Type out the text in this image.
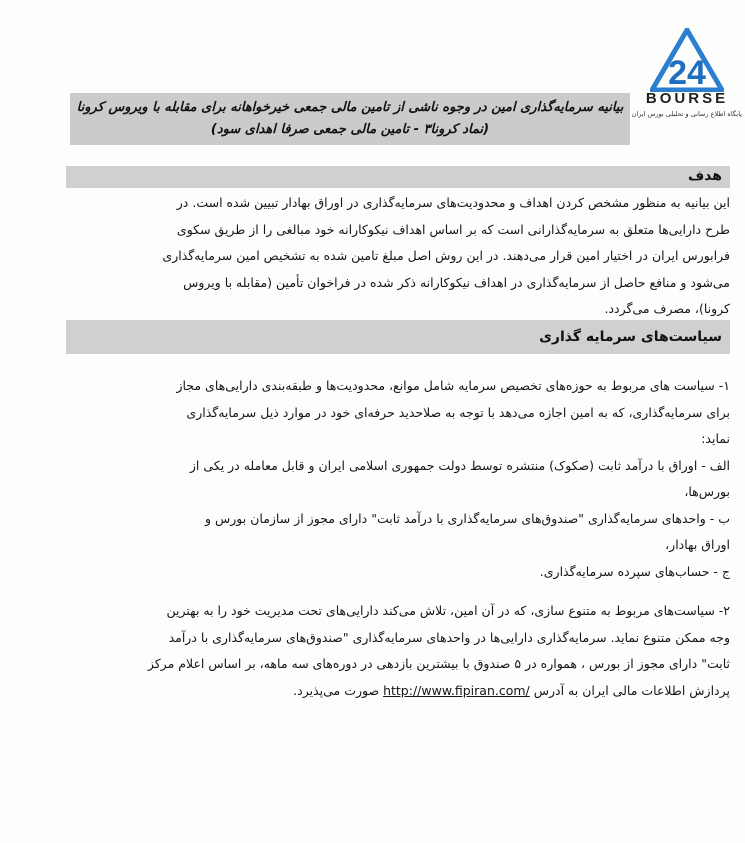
24
BOURSE
پایگاه اطلاع رسانی و تحلیلی بورس ایران
بیانیه سرمایه‌گذاری امین در وجوه ناشی از تامین مالی جمعی خیرخواهانه برای مقابله با ویروس کرونا
(نماد کرونا۳ - تامین مالی جمعی صرفا اهدای سود)
هدف
این بیانیه به منظور مشخص کردن اهداف و محدودیت‌های سرمایه‌گذاری در اوراق بهادار تبیین شده است. در
طرح دارایی‌ها متعلق به سرمایه‌گذارانی است که بر اساس اهداف نیکوکارانه خود مبالغی را از طریق سکوی
فرابورس ایران در اختیار امین قرار می‌دهند. در این روش اصل مبلغ تامین شده به تشخیص امین سرمایه‌گذاری
می‌شود و منافع حاصل از سرمایه‌گذاری در اهداف نیکوکارانه ذکر شده در فراخوان تأمین (مقابله با ویروس
کرونا)، مصرف می‌گردد.
سیاست‌های سرمایه گذاری
۱- سیاست های مربوط به حوزه‌های تخصیص سرمایه شامل موانع، محدودیت‌ها و طبقه‌بندی دارایی‌های مجاز
برای سرمایه‌گذاری، که به امین اجازه می‌دهد با توجه به صلاحدید حرفه‌ای خود در موارد ذیل سرمایه‌گذاری
نماید:
الف - اوراق با درآمد ثابت (صکوک) منتشره توسط دولت جمهوری اسلامی ایران و قابل معامله در یکی از
بورس‌ها،
ب - واحدهای سرمایه‌گذاری "صندوق‌های سرمایه‌گذاری با درآمد ثابت" دارای مجوز از سازمان بورس و
اوراق بهادار،
ج - حساب‌های سپرده سرمایه‌گذاری.
۲- سیاست‌های مربوط به متنوع سازی، که در آن امین، تلاش می‌کند دارایی‌های تحت مدیریت خود را به بهترین
وجه ممکن متنوع نماید. سرمایه‌گذاری دارایی‌ها در واحدهای سرمایه‌گذاری "صندوق‌های سرمایه‌گذاری با درآمد
ثابت" دارای مجوز از بورس ، همواره در ۵ صندوق با بیشترین بازدهی در دوره‌های سه ماهه، بر اساس اعلام مرکز
پردازش اطلاعات مالی ایران به آدرس http://www.fipiran.com/ صورت می‌پذیرد.
